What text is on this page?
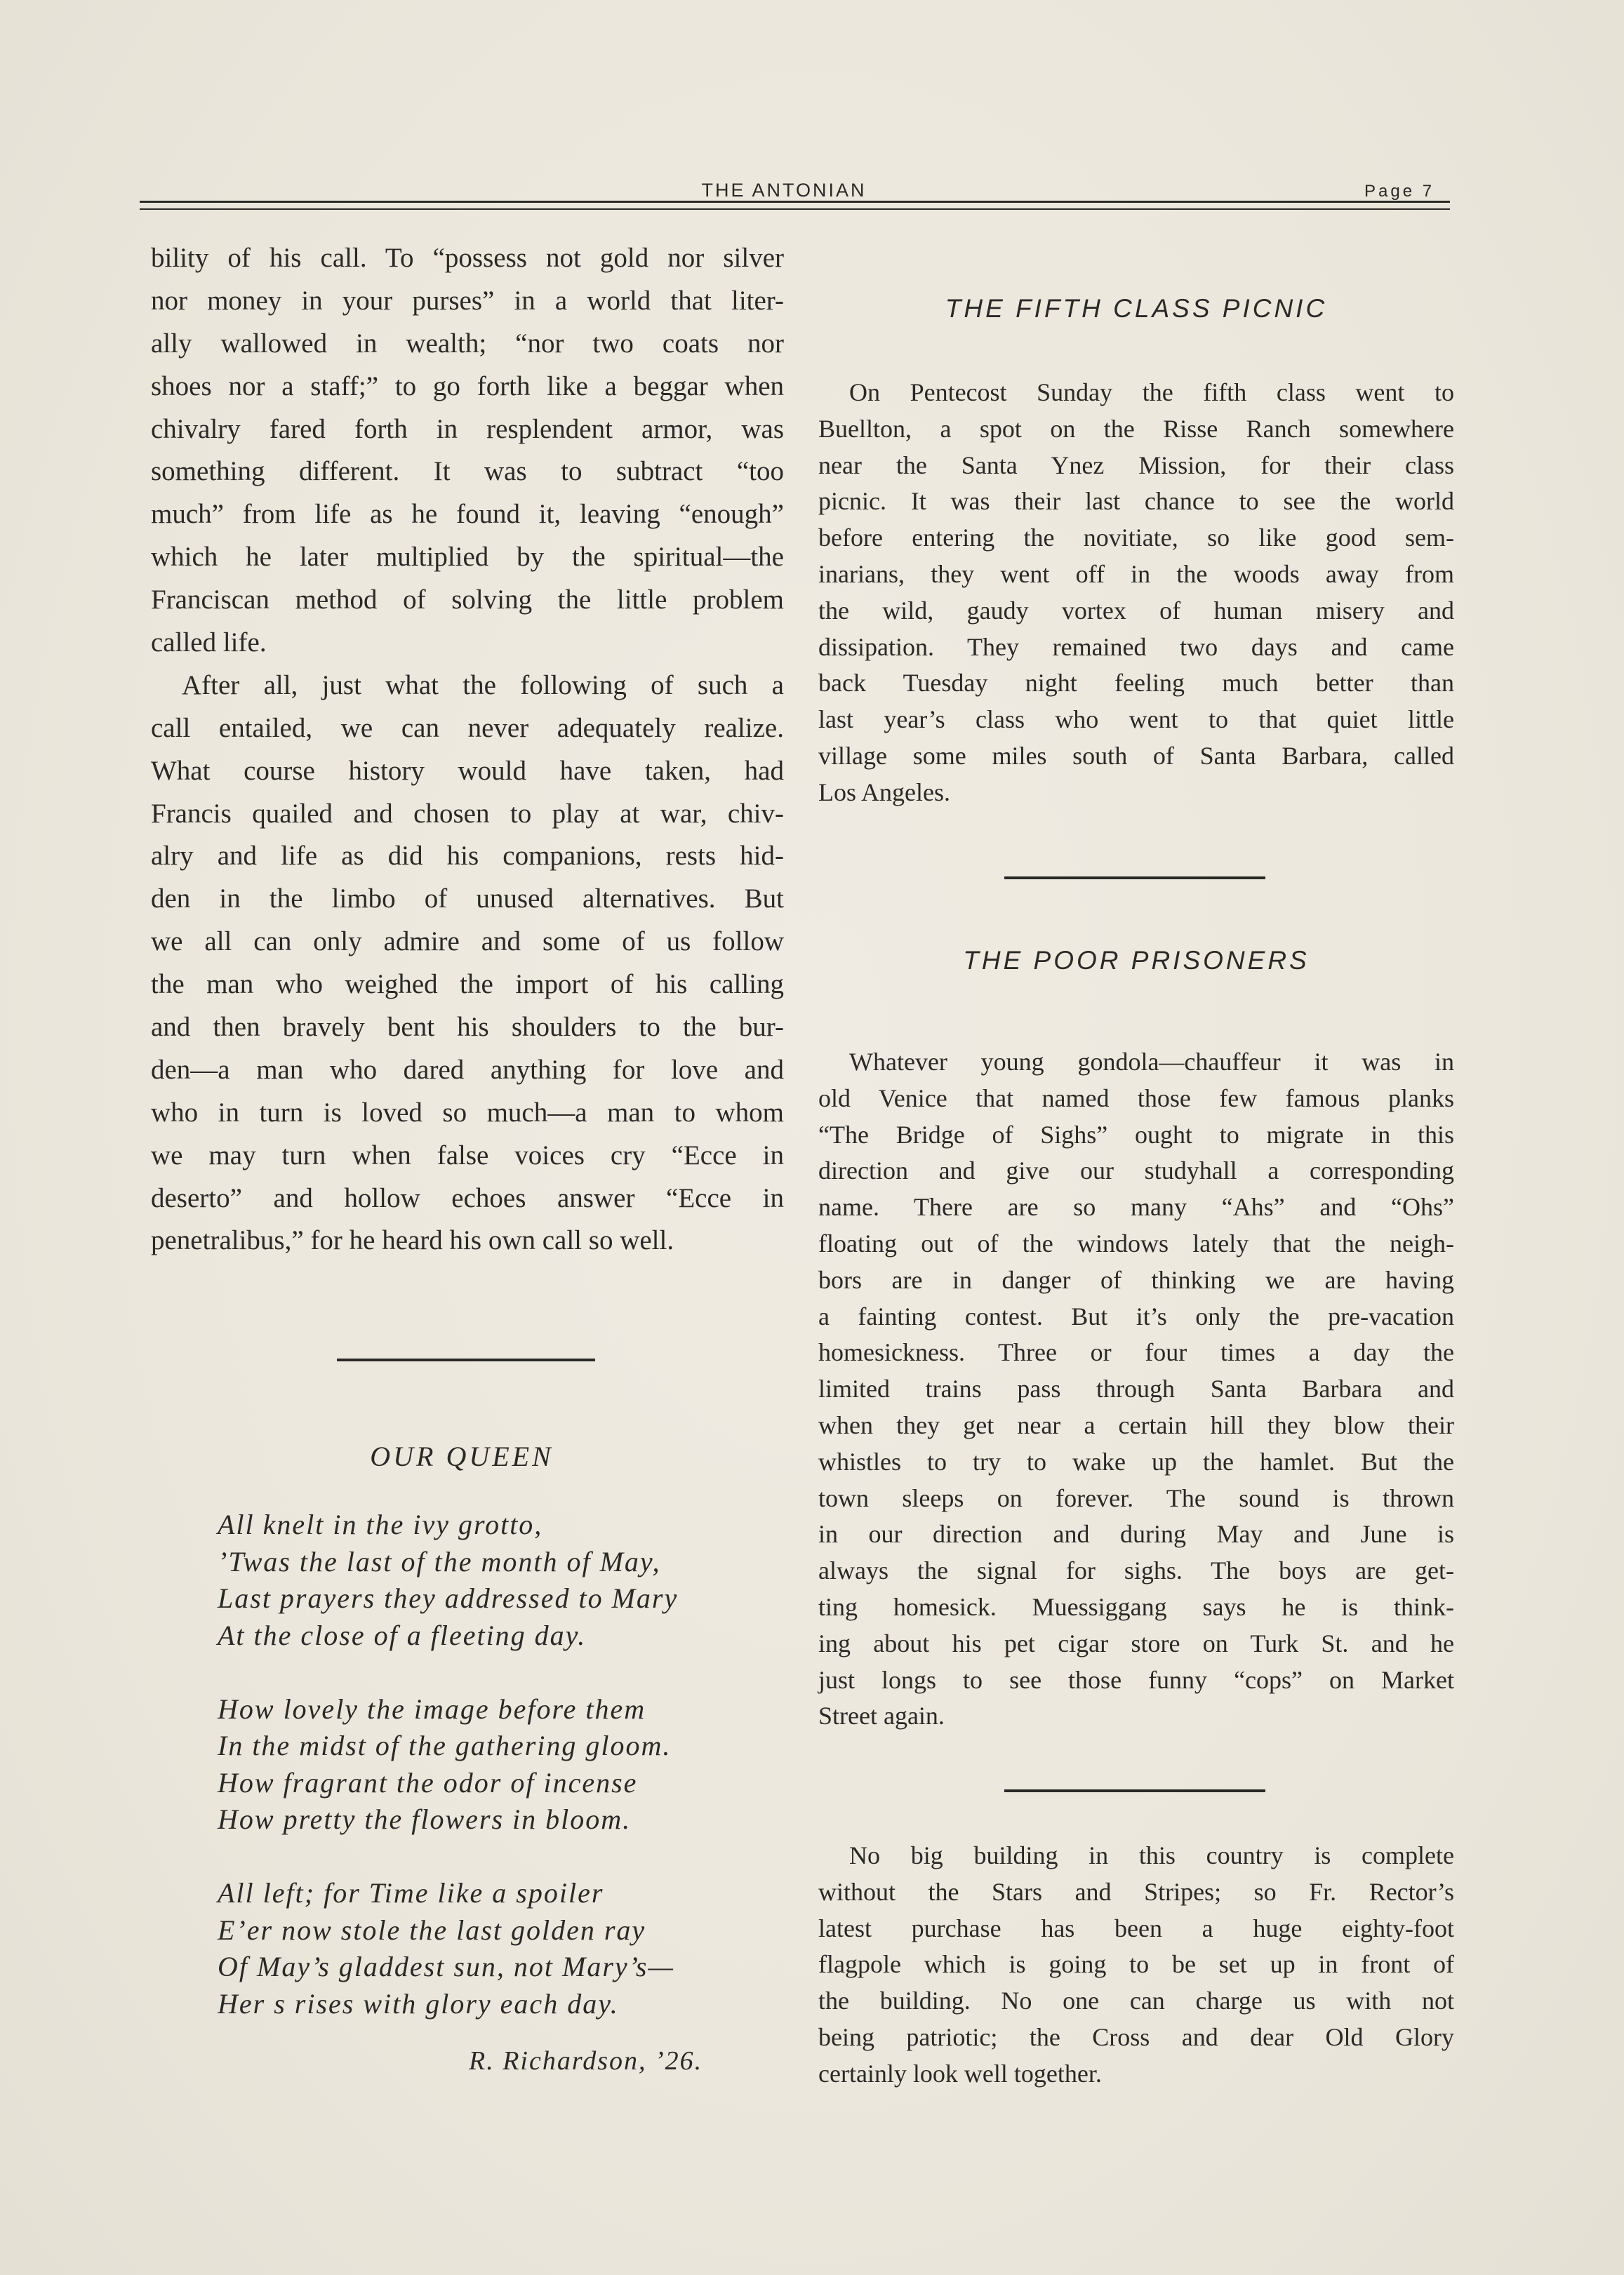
THE ANTONIAN	Page 7
bility of his call. To “possess not gold nor silver
nor money in your purses” in a world that liter-
ally wallowed in wealth; “nor two coats nor
shoes nor a staff;” to go forth like a beggar when
chivalry fared forth in resplendent armor, was
something different. It was to subtract “too
much” from life as he found it, leaving “enough”
which he later multiplied by the spiritual—the
Franciscan method of solving the little problem
called life.
After all, just what the following of such a
call entailed, we can never adequately realize.
What course history would have taken, had
Francis quailed and chosen to play at war, chiv-
alry and life as did his companions, rests hid-
den in the limbo of unused alternatives. But
we all can only admire and some of us follow
the man who weighed the import of his calling
and then bravely bent his shoulders to the bur-
den—a man who dared anything for love and
who in turn is loved so much—a man to whom
we may turn when false voices cry “Ecce in
deserto” and hollow echoes answer “Ecce in
penetralibus,” for he heard his own call so well.
OUR QUEEN
All knelt in the ivy grotto,
’Twas the last of the month of May,
Last prayers they addressed to Mary
At the close of a fleeting day.
How lovely the image before them
In the midst of the gathering gloom.
How fragrant the odor of incense
How pretty the flowers in bloom.
All left; for Time like a spoiler
E’er now stole the last golden ray
Of May’s gladdest sun, not Mary’s—
Her s rises with glory each day.
R. Richardson, ’26.
THE FIFTH CLASS PICNIC
On Pentecost Sunday the fifth class went to
Buellton, a spot on the Risse Ranch somewhere
near the Santa Ynez Mission, for their class
picnic. It was their last chance to see the world
before entering the novitiate, so like good sem-
inarians, they went off in the woods away from
the wild, gaudy vortex of human misery and
dissipation. They remained two days and came
back Tuesday night feeling much better than
last year’s class who went to that quiet little
village some miles south of Santa Barbara, called
Los Angeles.
THE POOR PRISONERS
Whatever young gondola—chauffeur it was in
old Venice that named those few famous planks
“The Bridge of Sighs” ought to migrate in this
direction and give our studyhall a corresponding
name. There are so many “Ahs” and “Ohs”
floating out of the windows lately that the neigh-
bors are in danger of thinking we are having
a fainting contest. But it’s only the pre-vacation
homesickness. Three or four times a day the
limited trains pass through Santa Barbara and
when they get near a certain hill they blow their
whistles to try to wake up the hamlet. But the
town sleeps on forever. The sound is thrown
in our direction and during May and June is
always the signal for sighs. The boys are get-
ting homesick. Muessiggang says he is think-
ing about his pet cigar store on Turk St. and he
just longs to see those funny “cops” on Market
Street again.
No big building in this country is complete
without the Stars and Stripes; so Fr. Rector’s
latest purchase has been a huge eighty-foot
flagpole which is going to be set up in front of
the building. No one can charge us with not
being patriotic; the Cross and dear Old Glory
certainly look well together.
